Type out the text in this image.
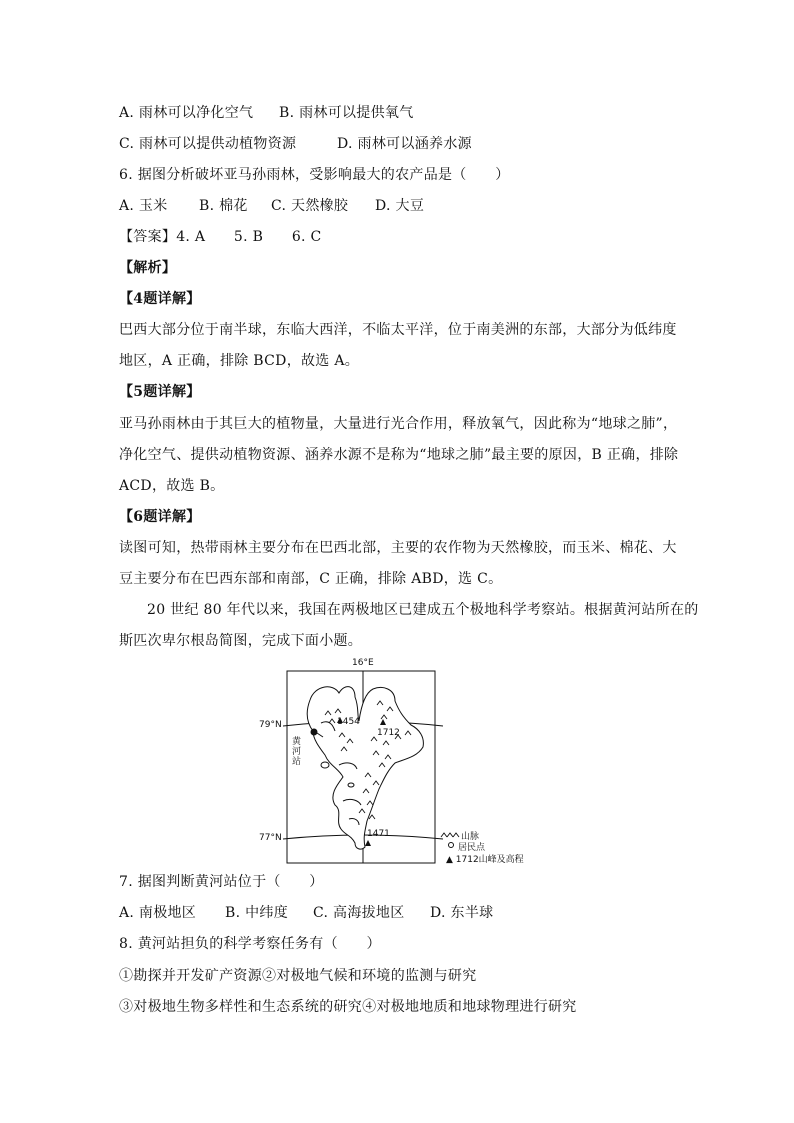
A. 雨林可以净化空气 B. 雨林可以提供氧气
C. 雨林可以提供动植物资源	D. 雨林可以涵养水源
6. 据图分析破坏亚马孙雨林，受影响最大的农产品是（　　）
A. 玉米 B. 棉花 C. 天然橡胶 D. 大豆
【答案】4. A　　5. B　　6. C
【解析】
【4题详解】
巴西大部分位于南半球，东临大西洋，不临太平洋，位于南美洲的东部，大部分为低纬度
地区，A 正确，排除 BCD，故选 A。
【5题详解】
亚马孙雨林由于其巨大的植物量，大量进行光合作用，释放氧气，因此称为“地球之肺”，
净化空气、提供动植物资源、涵养水源不是称为“地球之肺”最主要的原因，B 正确，排除
ACD，故选 B。
【6题详解】
读图可知，热带雨林主要分布在巴西北部，主要的农作物为天然橡胶，而玉米、棉花、大
豆主要分布在巴西东部和南部，C 正确，排除 ABD，选 C。
20 世纪 80 年代以来，我国在两极地区已建成五个极地科学考察站。根据黄河站所在的
斯匹次卑尔根岛简图，完成下面小题。
16°E
79°N
77°N
黄河站
1454
1712
1471	山脉
居民点
▲ 1712山峰及高程
7. 据图判断黄河站位于（　　）
A. 南极地区 B. 中纬度 C. 高海拔地区 D. 东半球
8. 黄河站担负的科学考察任务有（　　）
①勘探并开发矿产资源②对极地气候和环境的监测与研究
③对极地生物多样性和生态系统的研究④对极地地质和地球物理进行研究
